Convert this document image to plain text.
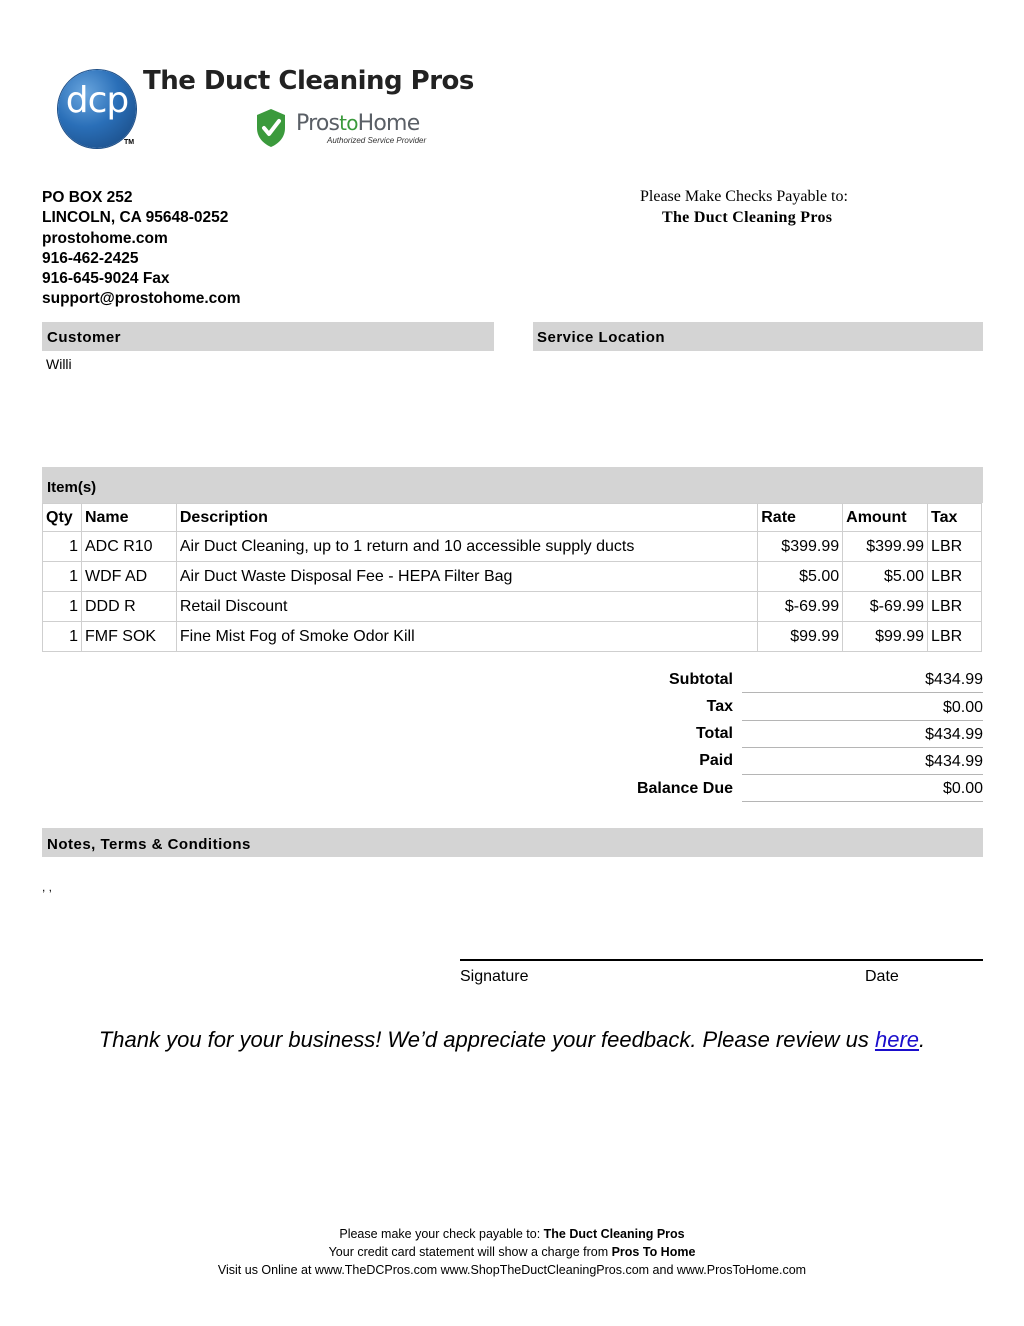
dcp
TM
The Duct Cleaning Pros
ProstoHome
Authorized Service Provider
PO BOX 252
LINCOLN, CA 95648-0252
prostohome.com
916-462-2425
916-645-9024 Fax
support@prostohome.com
Please Make Checks Payable to:
The Duct Cleaning Pros
Customer	Service Location
Willi
Item(s)
Qty	Name	Description	Rate	Amount	Tax
1	ADC R10	Air Duct Cleaning, up to 1 return and 10 accessible supply ducts	$399.99	$399.99	LBR
1	WDF AD	Air Duct Waste Disposal Fee - HEPA Filter Bag	$5.00	$5.00	LBR
1	DDD R	Retail Discount	$-69.99	$-69.99	LBR
1	FMF SOK	Fine Mist Fog of Smoke Odor Kill	$99.99	$99.99	LBR
Subtotal	$434.99
Tax	$0.00
Total	$434.99
Paid	$434.99
Balance Due	$0.00
Notes, Terms & Conditions
, ,
Signature	Date
Thank you for your business! We’d appreciate your feedback. Please review us here.
Please make your check payable to: The Duct Cleaning Pros
Your credit card statement will show a charge from Pros To Home
Visit us Online at www.TheDCPros.com www.ShopTheDuctCleaningPros.com and www.ProsToHome.com
